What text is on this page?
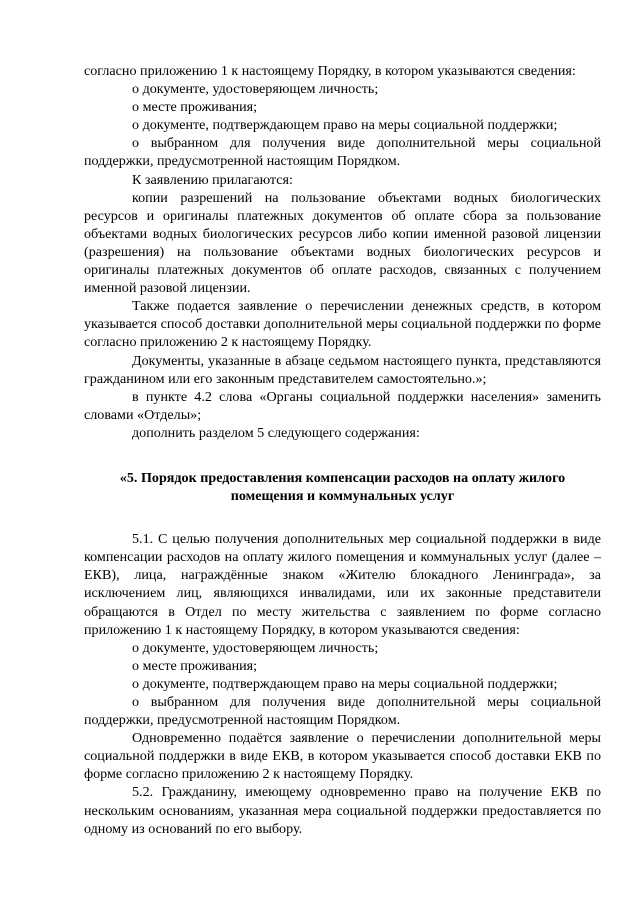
согласно приложению 1 к настоящему Порядку, в котором указываются сведения:

о документе, удостоверяющем личность;

о месте проживания;

о документе, подтверждающем право на меры социальной поддержки;

о выбранном для получения виде дополнительной меры социальной поддержки, предусмотренной настоящим Порядком.

К заявлению прилагаются:

копии разрешений на пользование объектами водных биологических ресурсов и оригиналы платежных документов об оплате сбора за пользование объектами водных биологических ресурсов либо копии именной разовой лицензии (разрешения) на пользование объектами водных биологических ресурсов и оригиналы платежных документов об оплате расходов, связанных с получением именной разовой лицензии.

Также подается заявление о перечислении денежных средств, в котором указывается способ доставки дополнительной меры социальной поддержки по форме согласно приложению 2 к настоящему Порядку.

Документы, указанные в абзаце седьмом настоящего пункта, представляются гражданином или его законным представителем самостоятельно.»;

в пункте 4.2 слова «Органы социальной поддержки населения» заменить словами «Отделы»;

дополнить разделом 5 следующего содержания:

«5. Порядок предоставления компенсации расходов на оплату жилого помещения и коммунальных услуг

5.1. С целью получения дополнительных мер социальной поддержки в виде компенсации расходов на оплату жилого помещения и коммунальных услуг (далее – ЕКВ), лица, награждённые знаком «Жителю блокадного Ленинграда», за исключением лиц, являющихся инвалидами, или их законные представители обращаются в Отдел по месту жительства с заявлением по форме согласно приложению 1 к настоящему Порядку, в котором указываются сведения:

о документе, удостоверяющем личность;

о месте проживания;

о документе, подтверждающем право на меры социальной поддержки;

о выбранном для получения виде дополнительной меры социальной поддержки, предусмотренной настоящим Порядком.

Одновременно подаётся заявление о перечислении дополнительной меры социальной поддержки в виде ЕКВ, в котором указывается способ доставки ЕКВ по форме согласно приложению 2 к настоящему Порядку.

5.2. Гражданину, имеющему одновременно право на получение ЕКВ по нескольким основаниям, указанная мера социальной поддержки предоставляется по одному из оснований по его выбору.
